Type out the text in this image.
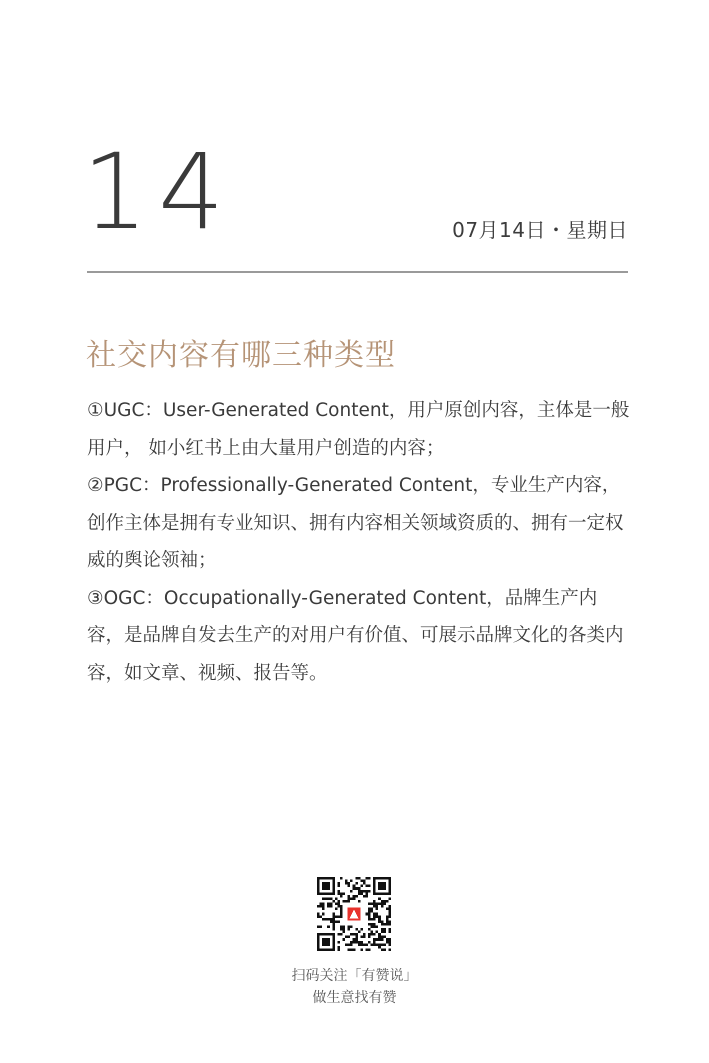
14	07月14日・星期日
社交内容有哪三种类型

①UGC：User-Generated Content，用户原创内容，主体是一般用户， 如小红书上由大量用户创造的内容；

②PGC：Professionally-Generated Content，专业生产内容，创作主体是拥有专业知识、拥有内容相关领域资质的、拥有一定权威的舆论领袖；

③OGC：Occupationally-Generated Content，品牌生产内容，是品牌自发去生产的对用户有价值、可展示品牌文化的各类内容，如文章、视频、报告等。

扫码关注「有赞说」
做生意找有赞
